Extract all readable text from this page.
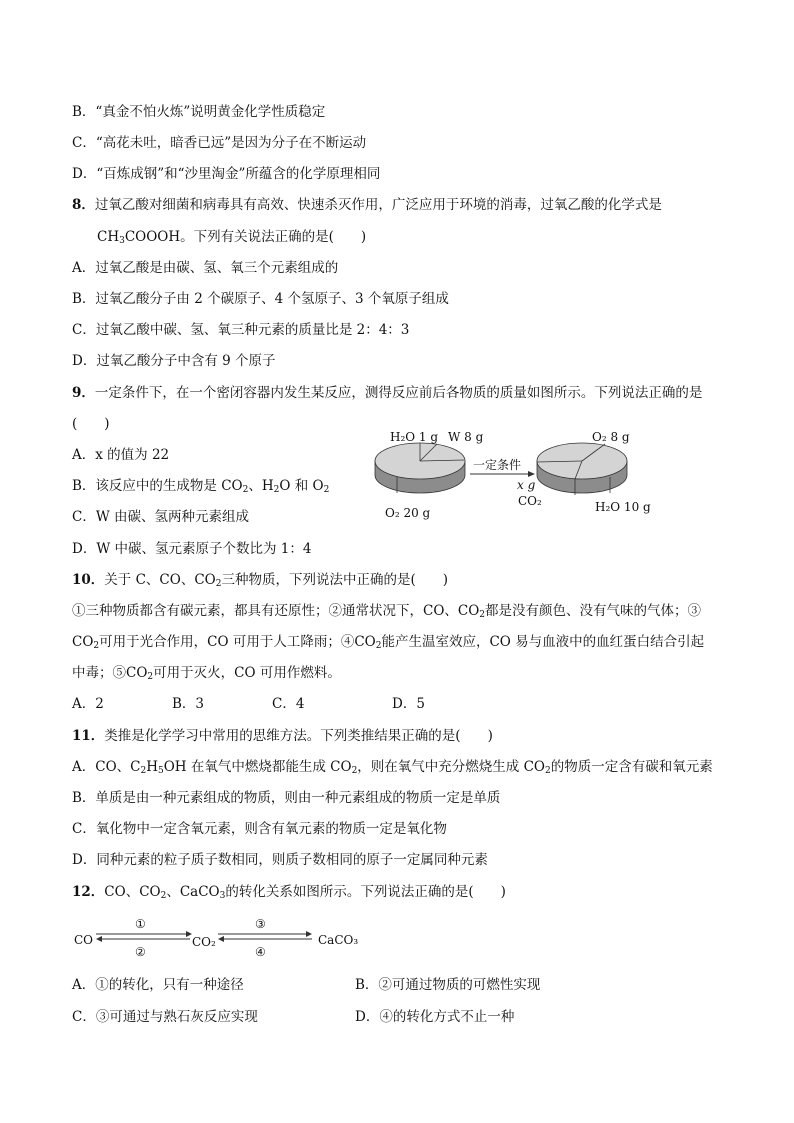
B．“真金不怕火炼”说明黄金化学性质稳定
C．“高花未吐，暗香已远”是因为分子在不断运动
D．“百炼成钢”和“沙里淘金”所蕴含的化学原理相同
8．过氧乙酸对细菌和病毒具有高效、快速杀灭作用，广泛应用于环境的消毒，过氧乙酸的化学式是
$CH_3COOOH$。下列有关说法正确的是(　　)
A．过氧乙酸是由碳、氢、氧三个元素组成的
B．过氧乙酸分子由 2 个碳原子、4 个氢原子、3 个氧原子组成
C．过氧乙酸中碳、氢、氧三种元素的质量比是 2：4：3
D．过氧乙酸分子中含有 9 个原子
9．一定条件下，在一个密闭容器内发生某反应，测得反应前后各物质的质量如图所示。下列说法正确的是
(　　)
A．x 的值为 22
B．该反应中的生成物是 $CO_2$、$H_2O$ 和 $O_2$
C．W 由碳、氢两种元素组成
D．W 中碳、氢元素原子个数比为 1：4
H₂O 1 g W 8 g
O₂ 20 g
一定条件
O₂ 8 g
x g
CO₂	H₂O 10 g
10．关于 C、CO、$CO_2$三种物质，下列说法中正确的是(　　)
①三种物质都含有碳元素，都具有还原性；②通常状况下，CO、$CO_2$都是没有颜色、没有气味的气体；③
$CO_2$可用于光合作用，CO 可用于人工降雨；$④CO_2$能产生温室效应，CO 易与血液中的血红蛋白结合引起
中毒；$⑤CO_2$可用于灭火，CO 可用作燃料。
A．2	B．3	C．4	D．5
11．类推是化学学习中常用的思维方法。下列类推结果正确的是(　　)
A．CO、$C_2H_5OH$ 在氧气中燃烧都能生成 $CO_2$，则在氧气中充分燃烧生成 $CO_2$的物质一定含有碳和氧元素
B．单质是由一种元素组成的物质，则由一种元素组成的物质一定是单质
C．氧化物中一定含氧元素，则含有氧元素的物质一定是氧化物
D．同种元素的粒子质子数相同，则质子数相同的原子一定属同种元素
12．CO、$CO_2$、CaCO$_3$的转化关系如图所示。下列说法正确的是(　　)
CO
①
②
CO₂
③
④
CaCO₃
A．①的转化，只有一种途径	B．②可通过物质的可燃性实现
C．③可通过与熟石灰反应实现	D．④的转化方式不止一种
